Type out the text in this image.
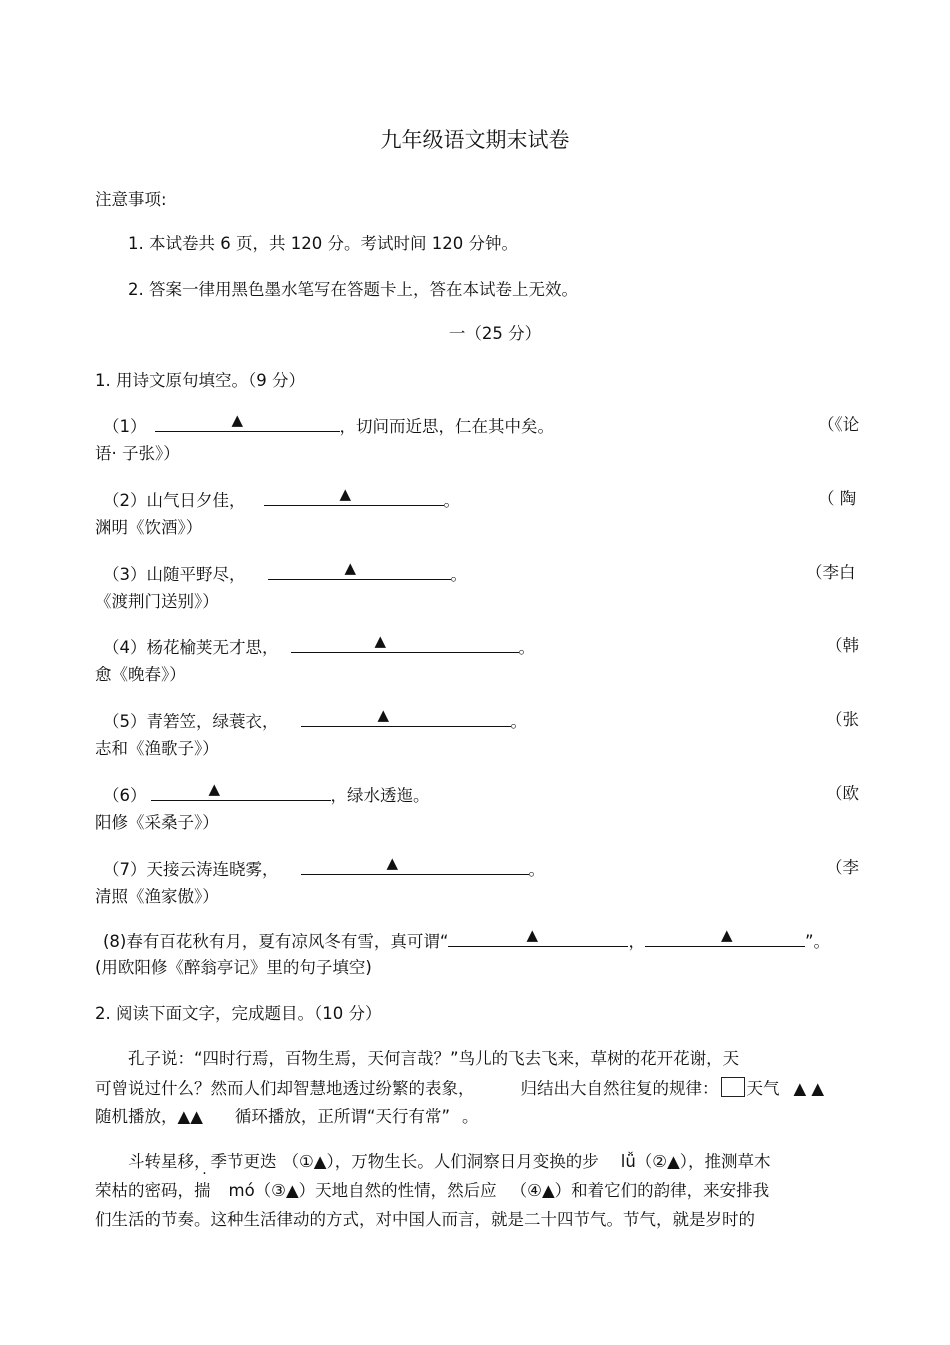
九年级语文期末试卷
注意事项:
1. 本试卷共 6 页，共 120 分。考试时间 120 分钟。
2. 答案一律用黑色墨水笔写在答题卡上，答在本试卷上无效。
一（25 分）
1. 用诗文原句填空。（9 分）
（1）	▲	，切问而近思，仁在其中矣。	（《论
语· 子张》）
（2）山气日夕佳，	▲	。	（ 陶
渊明《饮酒》）
（3）山随平野尽，	▲	。	（李白
《渡荆门送别》）
（4）杨花榆荚无才思，	▲	。	（韩
愈《晚春》）
（5）青箬笠，绿蓑衣，	▲	。	（张
志和《渔歌子》）
（6）	▲	，绿水透迤。	（欧
阳修《采桑子》）
（7）天接云涛连晓雾，	▲	。	（李
清照《渔家傲》）
(8)春有百花秋有月，夏有凉风冬有雪，真可谓“	▲	，	▲	”。
(用欧阳修《醉翁亭记》里的句子填空)
2. 阅读下面文字，完成题目。（10 分）
孔子说：“四时行焉，百物生焉，天何言哉？”鸟儿的飞去飞来，草树的花开花谢，天
可曾说过什么？然而人们却智慧地透过纷繁的表象，	归结出大自然往复的规律： 天气 ▲ ▲
随机播放，▲▲ 循环播放，正所谓“天行有常” 。
斗转星移，季节更迭 . （①▲），万物生长。人们洞察日月变换的步 lǚ（②▲），推测草木
荣枯的密码，揣 mó（③▲）天地自然的性情，然后应 （④▲）和着它们的韵律，来安排我
们生活的节奏。这种生活律动的方式，对中国人而言，就是二十四节气。节气，就是岁时的
